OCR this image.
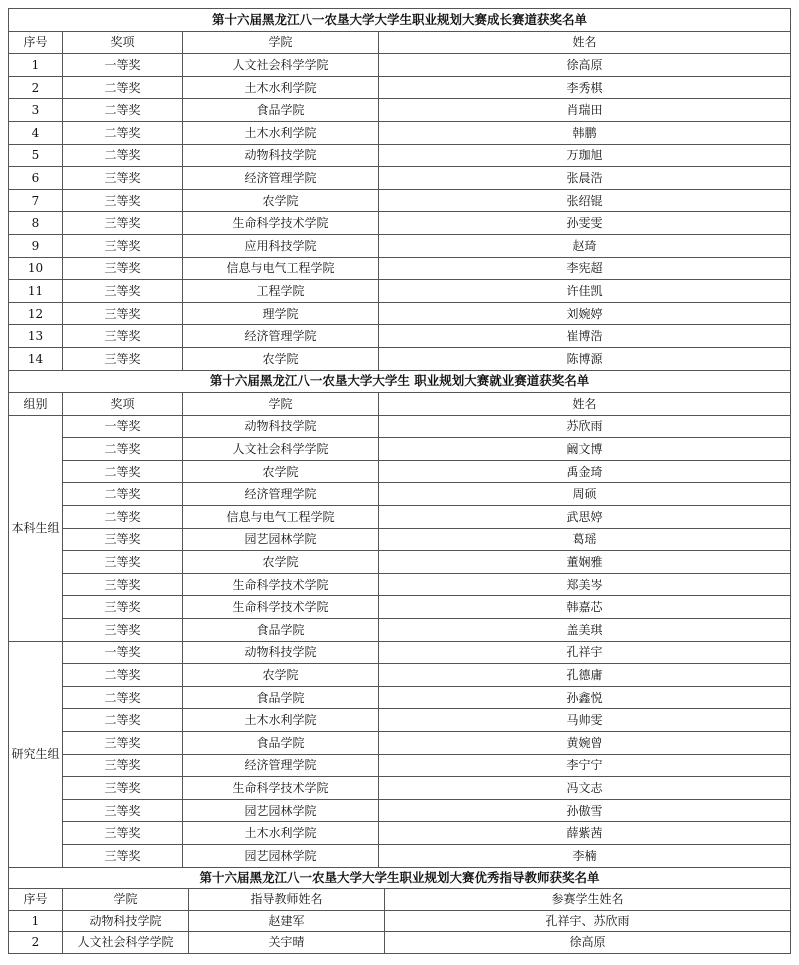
第十六届黑龙江八一农垦大学大学生职业规划大赛成长赛道获奖名单			
序号	奖项	学院	姓名
1	一等奖	人文社会科学学院	徐高原
2	二等奖	土木水利学院	李秀棋
3	二等奖	食品学院	肖瑞田
4	二等奖	土木水利学院	韩鹏
5	二等奖	动物科技学院	万珈旭
6	三等奖	经济管理学院	张晨浩
7	三等奖	农学院	张绍锟
8	三等奖	生命科学技术学院	孙雯雯
9	三等奖	应用科技学院	赵琦
10	三等奖	信息与电气工程学院	李宪超
11	三等奖	工程学院	许佳凯
12	三等奖	理学院	刘婉婷
13	三等奖	经济管理学院	崔博浩
14	三等奖	农学院	陈博源
第十六届黑龙江八一农垦大学大学生 职业规划大赛就业赛道获奖名单			
组别	奖项	学院	姓名
本科生组	一等奖	动物科技学院	苏欣雨
	二等奖	人文社会科学学院	阚文博
	二等奖	农学院	禹金琦
	二等奖	经济管理学院	周硕
	二等奖	信息与电气工程学院	武思婷
	三等奖	园艺园林学院	葛瑶
	三等奖	农学院	董娴雅
	三等奖	生命科学技术学院	郑美岑
	三等奖	生命科学技术学院	韩嘉芯
	三等奖	食品学院	盖美琪
研究生组	一等奖	动物科技学院	孔祥宇
	二等奖	农学院	孔德庸
	二等奖	食品学院	孙鑫悦
	二等奖	土木水利学院	马帅雯
	三等奖	食品学院	黄婉曾
	三等奖	经济管理学院	李宁宁
	三等奖	生命科学技术学院	冯文志
	三等奖	园艺园林学院	孙傲雪
	三等奖	土木水利学院	薛紫茜
	三等奖	园艺园林学院	李楠
第十六届黑龙江八一农垦大学大学生职业规划大赛优秀指导教师获奖名单			
序号	学院	指导教师姓名	参赛学生姓名
1	动物科技学院	赵建军	孔祥宇、苏欣雨
2	人文社会科学学院	关宇晴	徐高原
